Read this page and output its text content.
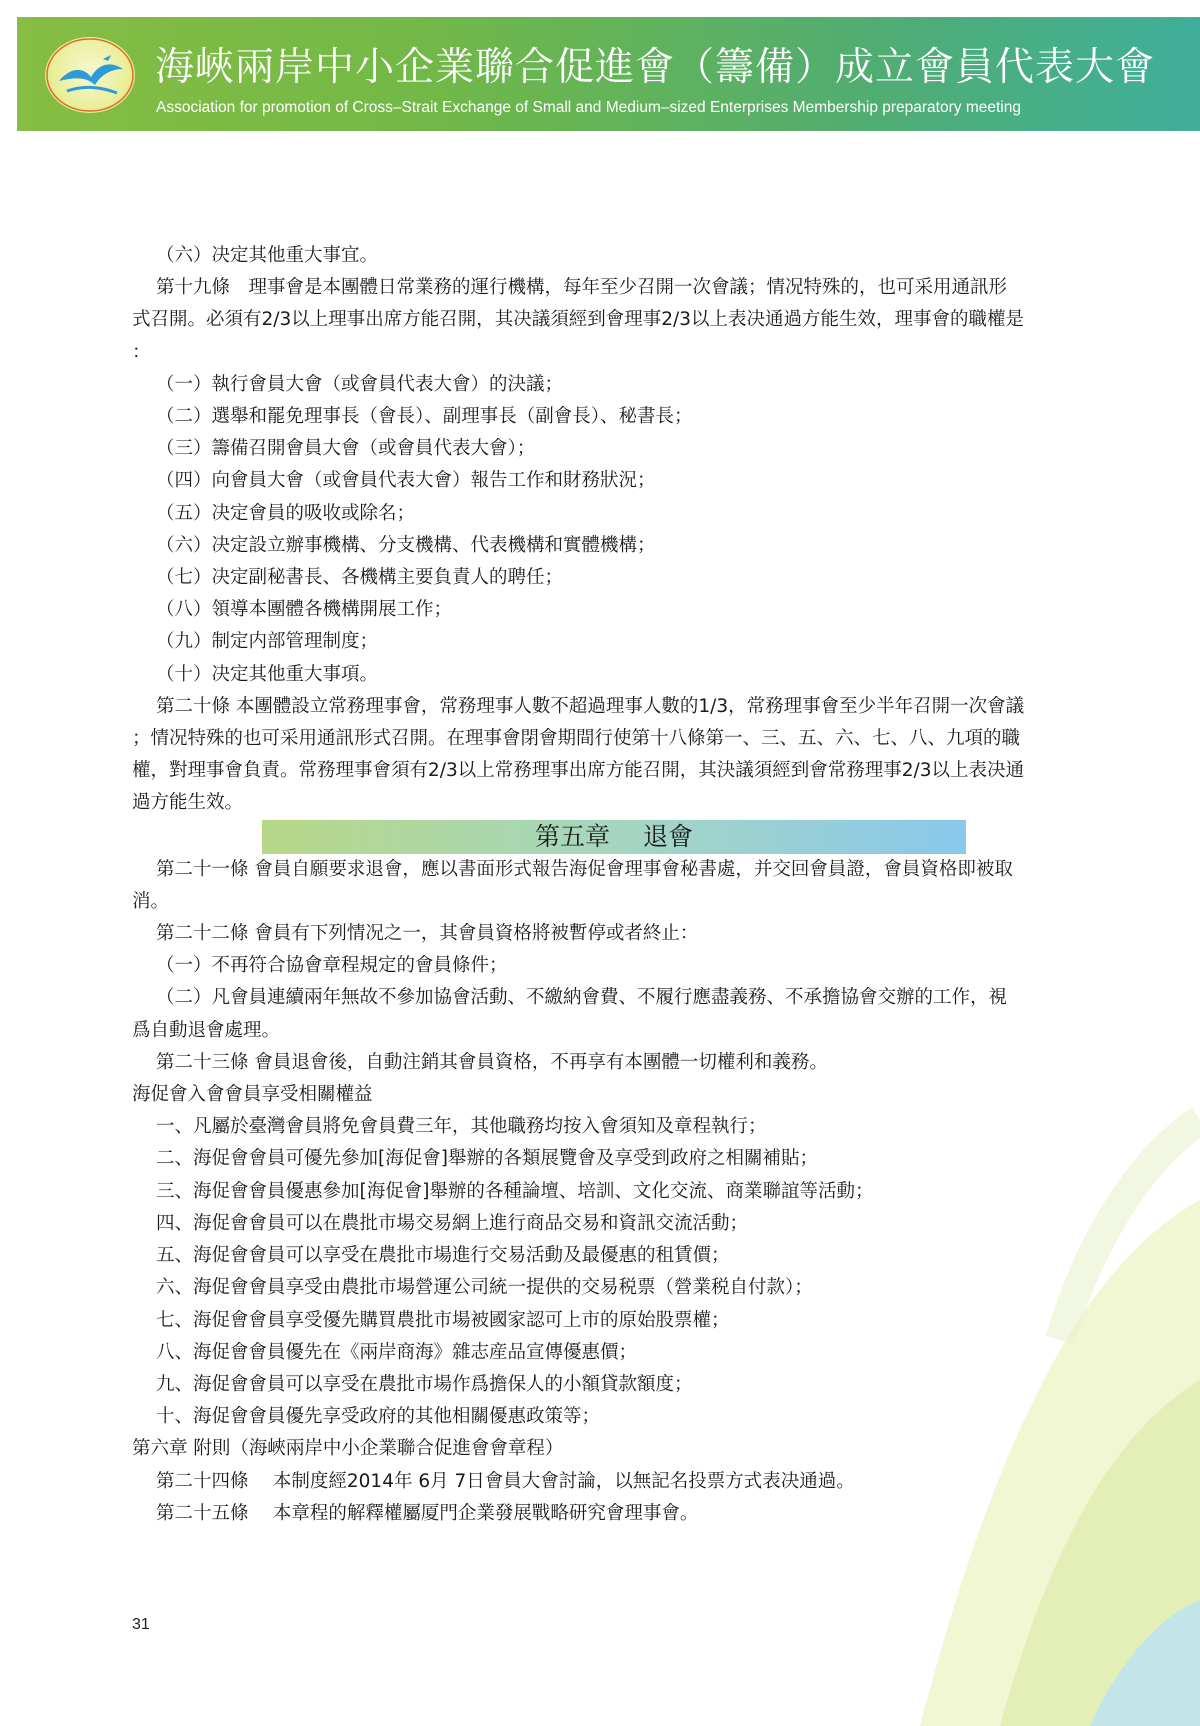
海峽兩岸中小企業聯合促進會（籌備）成立會員代表大會
Association for promotion of Cross–Strait Exchange of Small and Medium–sized Enterprises Membership preparatory meeting

（六）决定其他重大事宜。

第十九條　理事會是本團體日常業務的運行機構，每年至少召開一次會議；情况特殊的，也可采用通訊形

式召開。必須有2/3以上理事出席方能召開，其决議須經到會理事2/3以上表决通過方能生效，理事會的職權是

：

（一）執行會員大會（或會員代表大會）的決議；

（二）選舉和罷免理事長（會長）、副理事長（副會長）、秘書長；

（三）籌備召開會員大會（或會員代表大會）；

（四）向會員大會（或會員代表大會）報告工作和財務狀況；

（五）决定會員的吸收或除名；

（六）决定設立辦事機構、分支機構、代表機構和實體機構；

（七）决定副秘書長、各機構主要負責人的聘任；

（八）領導本團體各機構開展工作；

（九）制定内部管理制度；

（十）决定其他重大事項。

第二十條 本團體設立常務理事會，常務理事人數不超過理事人數的1/3，常務理事會至少半年召開一次會議

；情况特殊的也可采用通訊形式召開。在理事會閉會期間行使第十八條第一、三、五、六、七、八、九項的職

權，對理事會負責。常務理事會須有2/3以上常務理事出席方能召開，其決議須經到會常務理事2/3以上表决通

過方能生效。

第五章　 退會

第二十一條 會員自願要求退會，應以書面形式報告海促會理事會秘書處，并交回會員證，會員資格即被取

消。

第二十二條 會員有下列情况之一，其會員資格將被暫停或者終止：

（一）不再符合協會章程規定的會員條件；

（二）凡會員連續兩年無故不參加協會活動、不繳納會費、不履行應盡義務、不承擔協會交辦的工作，視

爲自動退會處理。

第二十三條 會員退會後，自動注銷其會員資格，不再享有本團體一切權利和義務。

海促會入會會員享受相關權益

一、凡屬於臺灣會員將免會員費三年，其他職務均按入會須知及章程執行；

二、海促會會員可優先參加[海促會]舉辦的各類展覽會及享受到政府之相關補貼；

三、海促會會員優惠參加[海促會]舉辦的各種論壇、培訓、文化交流、商業聯誼等活動；

四、海促會會員可以在農批市場交易網上進行商品交易和資訊交流活動；

五、海促會會員可以享受在農批市場進行交易活動及最優惠的租賃價；

六、海促會會員享受由農批市場營運公司統一提供的交易税票（營業税自付款）；

七、海促會會員享受優先購買農批市場被國家認可上市的原始股票權；

八、海促會會員優先在《兩岸商海》雜志産品宣傳優惠價；

九、海促會會員可以享受在農批市場作爲擔保人的小額貸款額度；

十、海促會會員優先享受政府的其他相關優惠政策等；

第六章 附則（海峽兩岸中小企業聯合促進會會章程）

第二十四條　 本制度經2014年 6月 7日會員大會討論，以無記名投票方式表决通過。

第二十五條　 本章程的解釋權屬厦門企業發展戰略研究會理事會。

31
